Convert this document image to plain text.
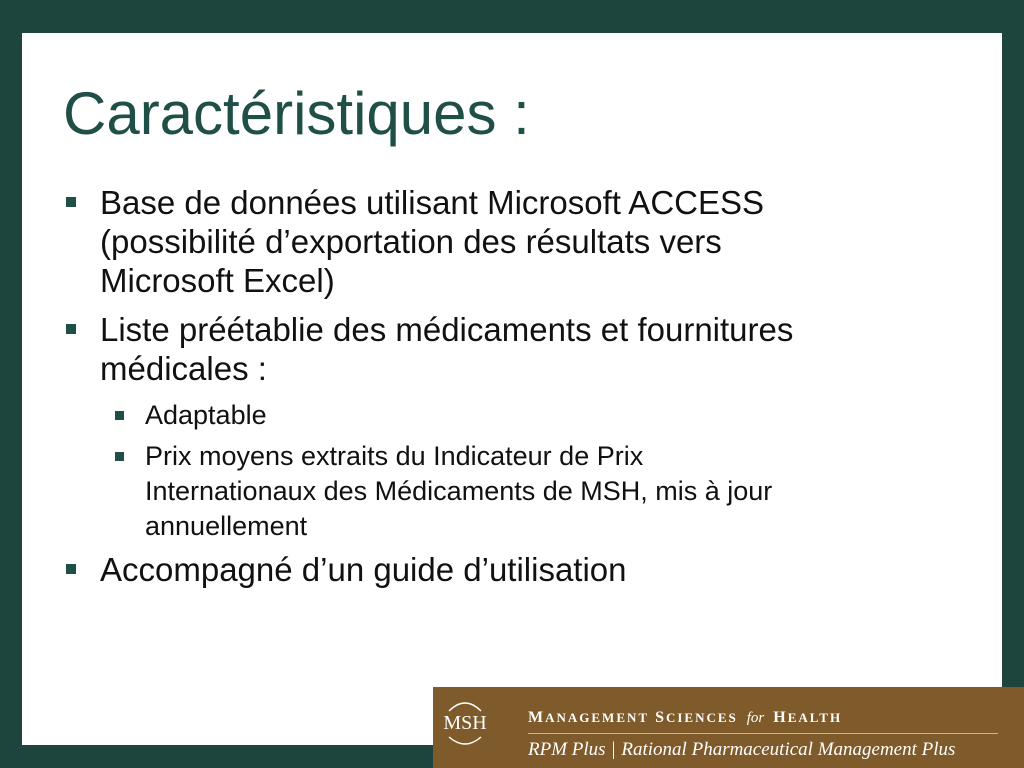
Caractéristiques :
Base de données utilisant Microsoft ACCESS
(possibilité d’exportation des résultats vers
Microsoft Excel)
Liste préétablie des médicaments et fournitures
médicales :
Adaptable
Prix moyens extraits du Indicateur de Prix
Internationaux des Médicaments de MSH, mis à jour
annuellement
Accompagné d’un guide d’utilisation
MSH	MANAGEMENT SCIENCES for HEALTH
RPM Plus | Rational Pharmaceutical Management Plus
